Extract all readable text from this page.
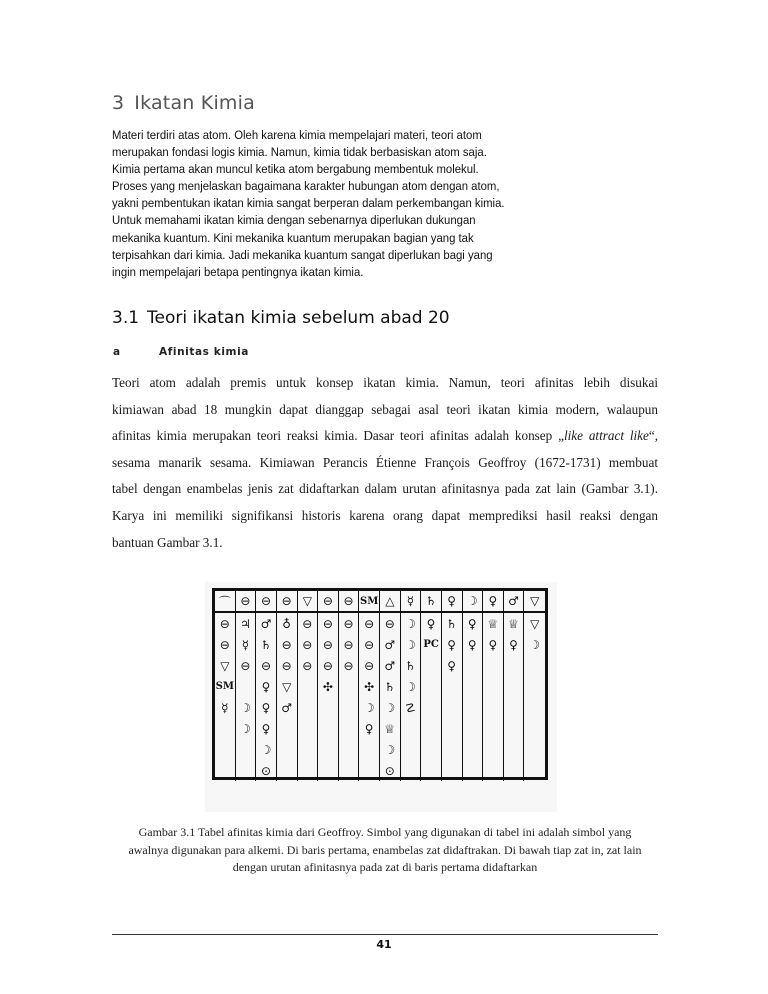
3 Ikatan Kimia

Materi terdiri atas atom. Oleh karena kimia mempelajari materi, teori atom
merupakan fondasi logis kimia. Namun, kimia tidak berbasiskan atom saja.
Kimia pertama akan muncul ketika atom bergabung membentuk molekul.
Proses yang menjelaskan bagaimana karakter hubungan atom dengan atom,
yakni pembentukan ikatan kimia sangat berperan dalam perkembangan kimia.
Untuk memahami ikatan kimia dengan sebenarnya diperlukan dukungan
mekanika kuantum. Kini mekanika kuantum merupakan bagian yang tak
terpisahkan dari kimia. Jadi mekanika kuantum sangat diperlukan bagi yang
ingin mempelajari betapa pentingnya ikatan kimia.

3.1 Teori ikatan kimia sebelum abad 20
a	Afinitas kimia

Teori atom adalah premis untuk konsep ikatan kimia. Namun, teori afinitas lebih disukai
kimiawan abad 18 mungkin dapat dianggap sebagai asal teori ikatan kimia modern, walaupun
afinitas kimia merupakan teori reaksi kimia. Dasar teori afinitas adalah konsep „like attract like“,
sesama manarik sesama. Kimiawan Perancis Étienne François Geoffroy (1672-1731) membuat
tabel dengan enambelas jenis zat didaftarkan dalam urutan afinitasnya pada zat lain (Gambar 3.1).
Karya ini memiliki signifikansi historis karena orang dapat memprediksi hasil reaksi dengan
bantuan Gambar 3.1.

⌒
⊖
⊖
▽
SM
☿
⊖
♃
☿
⊖
☽
☽
⊖
♂
♄
⊖
♀
♀
♀
☽
⊙
⊖
♁
⊖
⊖
▽
♂
▽
⊖
⊖
⊖
⊖
⊖
⊖
⊖
✣
⊖
⊖
⊖
⊖
SM
⊖
⊖
⊖
✣
☽
♀
△
⊖
♂
♂
♄
☽
♕
☽
⊙
☿
☽
☽
♄
☽
☡
♄
♀
PC
♀
♄
♀
♀
☽
♀
♀
♀
♕
♀
♂
♕
♀
▽
▽
☽

Gambar 3.1 Tabel afinitas kimia dari Geoffroy. Simbol yang digunakan di tabel ini adalah simbol yang
awalnya digunakan para alkemi. Di baris pertama, enambelas zat didaftrakan. Di bawah tiap zat in, zat lain
dengan urutan afinitasnya pada zat di baris pertama didaftarkan

41
